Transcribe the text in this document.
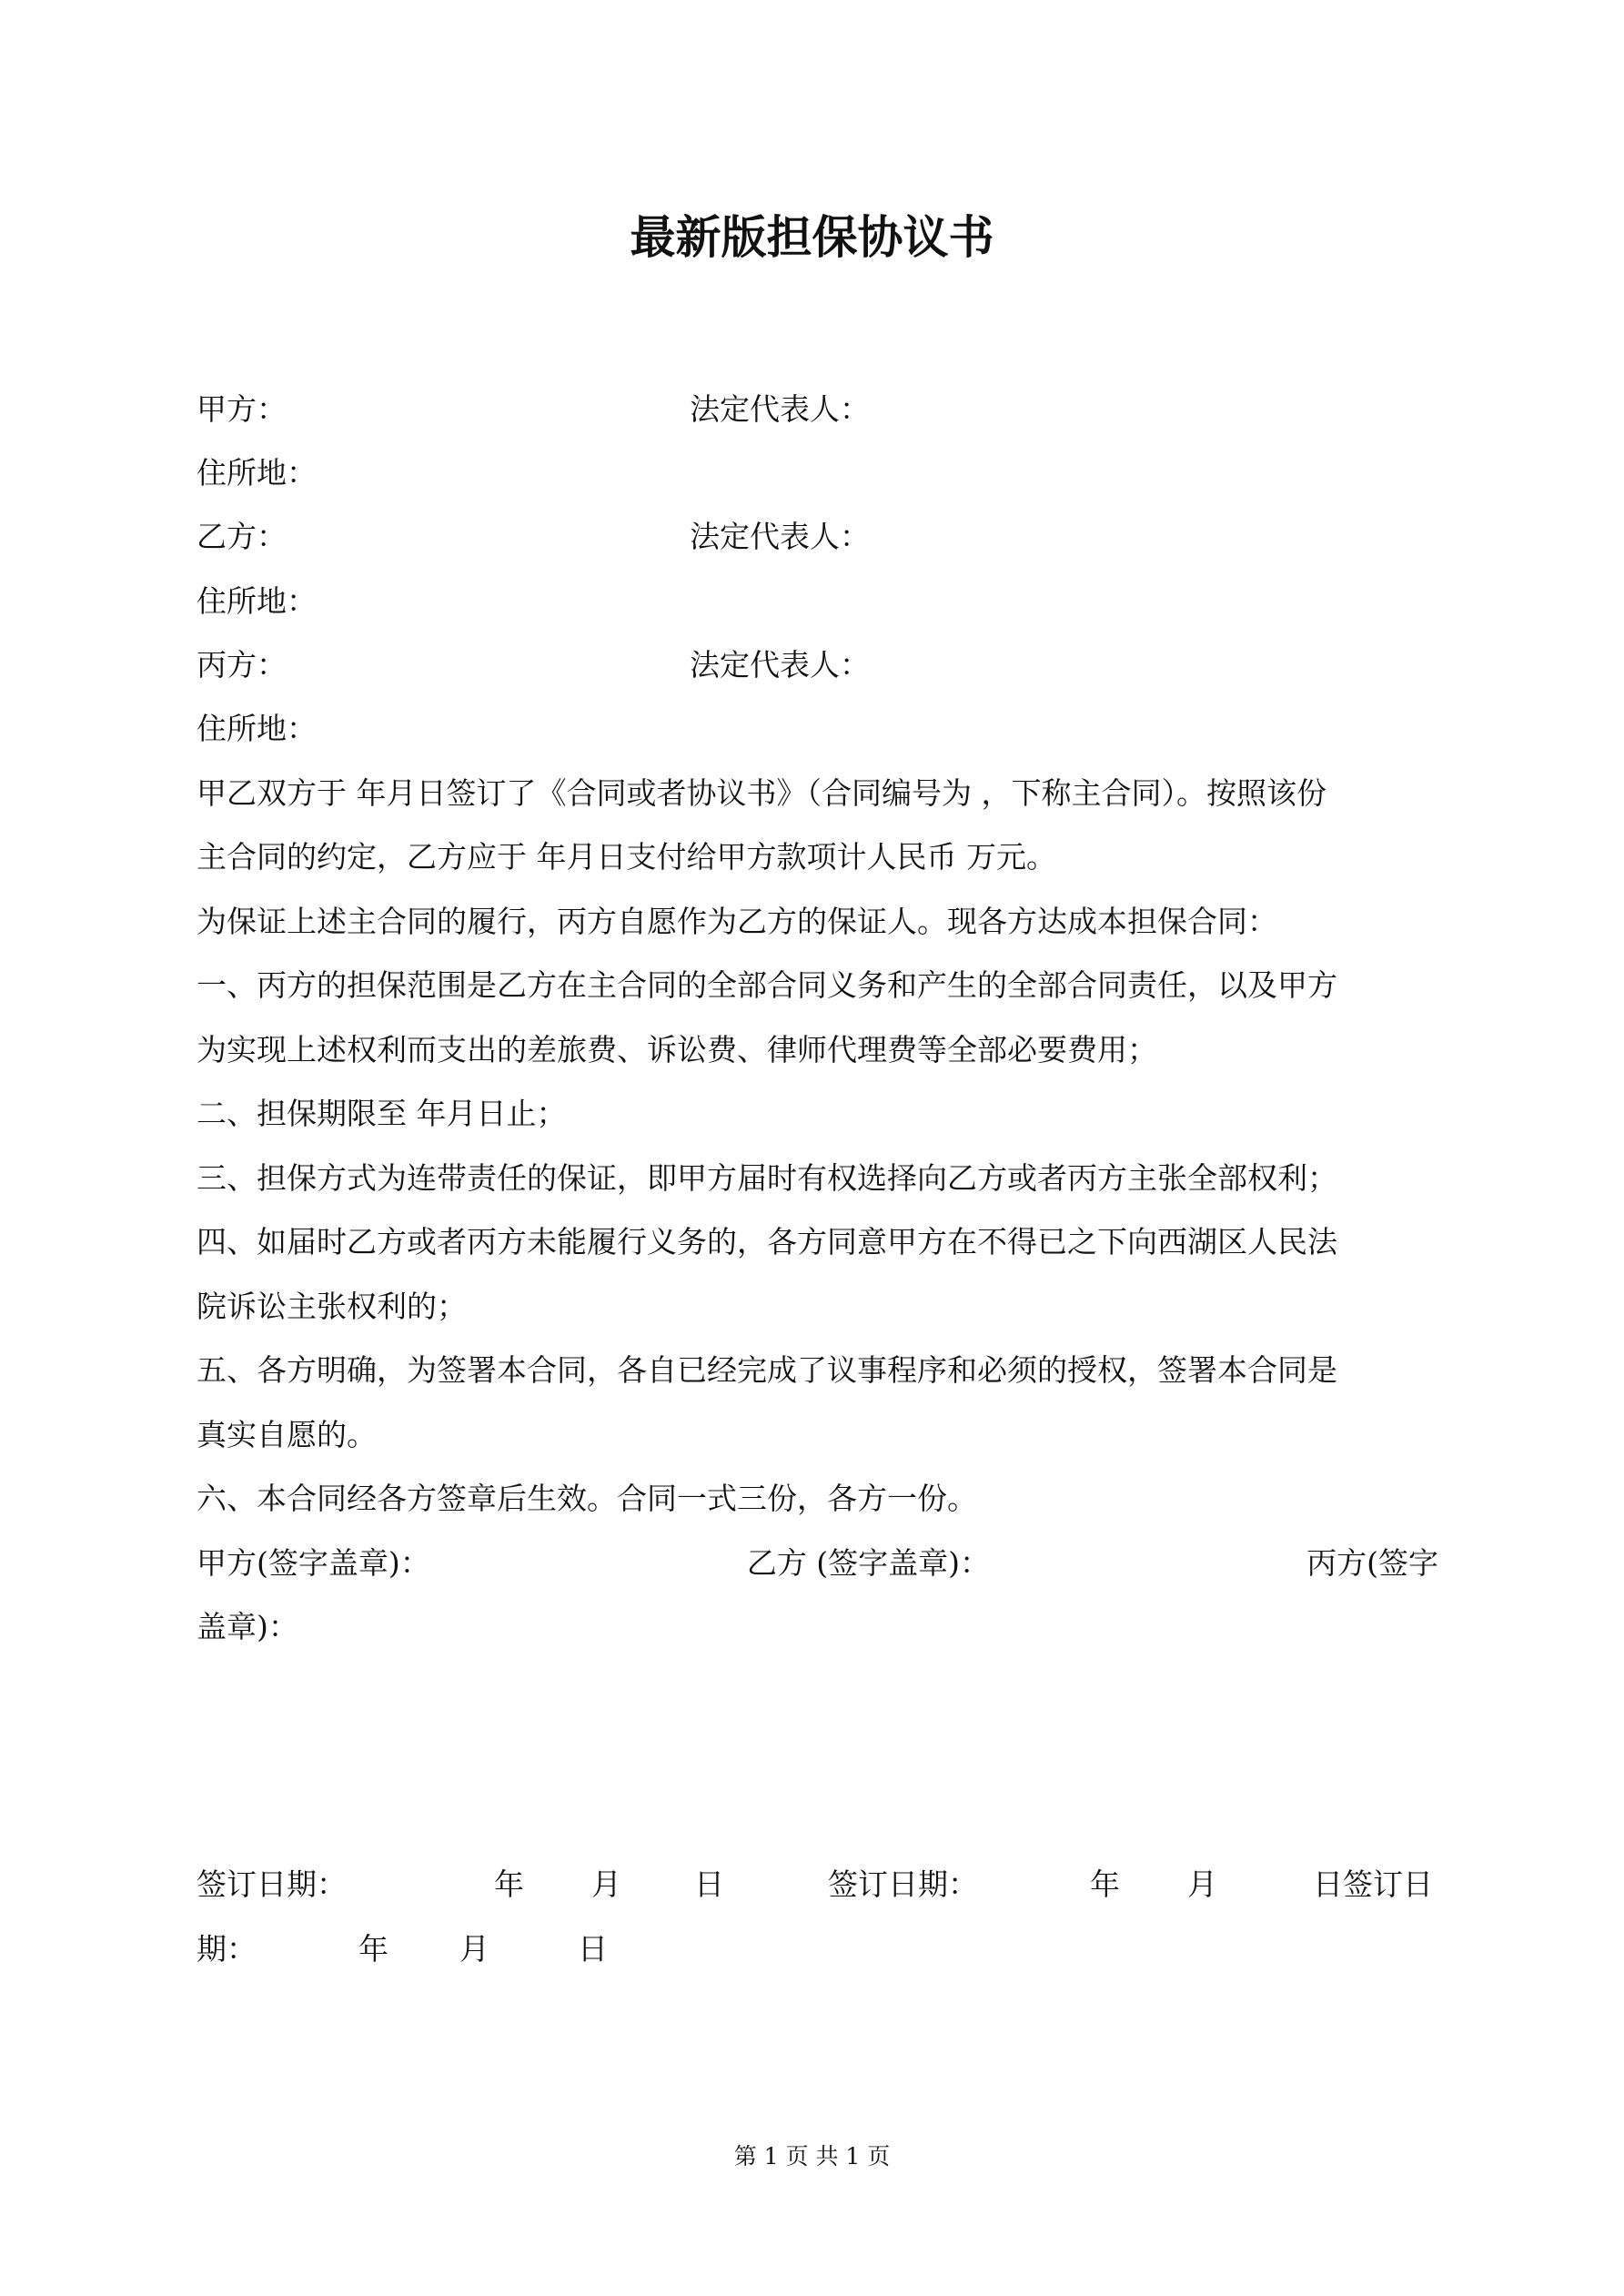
最新版担保协议书
甲方：	法定代表人：
住所地：
乙方：	法定代表人：
住所地：
丙方：	法定代表人：
住所地：
甲乙双方于 年月日签订了《合同或者协议书》（合同编号为 ，下称主合同）。按照该份
主合同的约定，乙方应于 年月日支付给甲方款项计人民币 万元。
为保证上述主合同的履行，丙方自愿作为乙方的保证人。现各方达成本担保合同：
一、丙方的担保范围是乙方在主合同的全部合同义务和产生的全部合同责任，以及甲方
为实现上述权利而支出的差旅费、诉讼费、律师代理费等全部必要费用；
二、担保期限至 年月日止；
三、担保方式为连带责任的保证，即甲方届时有权选择向乙方或者丙方主张全部权利；
四、如届时乙方或者丙方未能履行义务的，各方同意甲方在不得已之下向西湖区人民法
院诉讼主张权利的；
五、各方明确，为签署本合同，各自已经完成了议事程序和必须的授权，签署本合同是
真实自愿的。
六、本合同经各方签章后生效。合同一式三份，各方一份。
甲方(签字盖章)：	乙方 (签字盖章)：	丙方(签字
盖章)：
签订日期：	年 月 日	签订日期：	年 月	日签订日
期：	年 月	日
第 1 页 共 1 页
